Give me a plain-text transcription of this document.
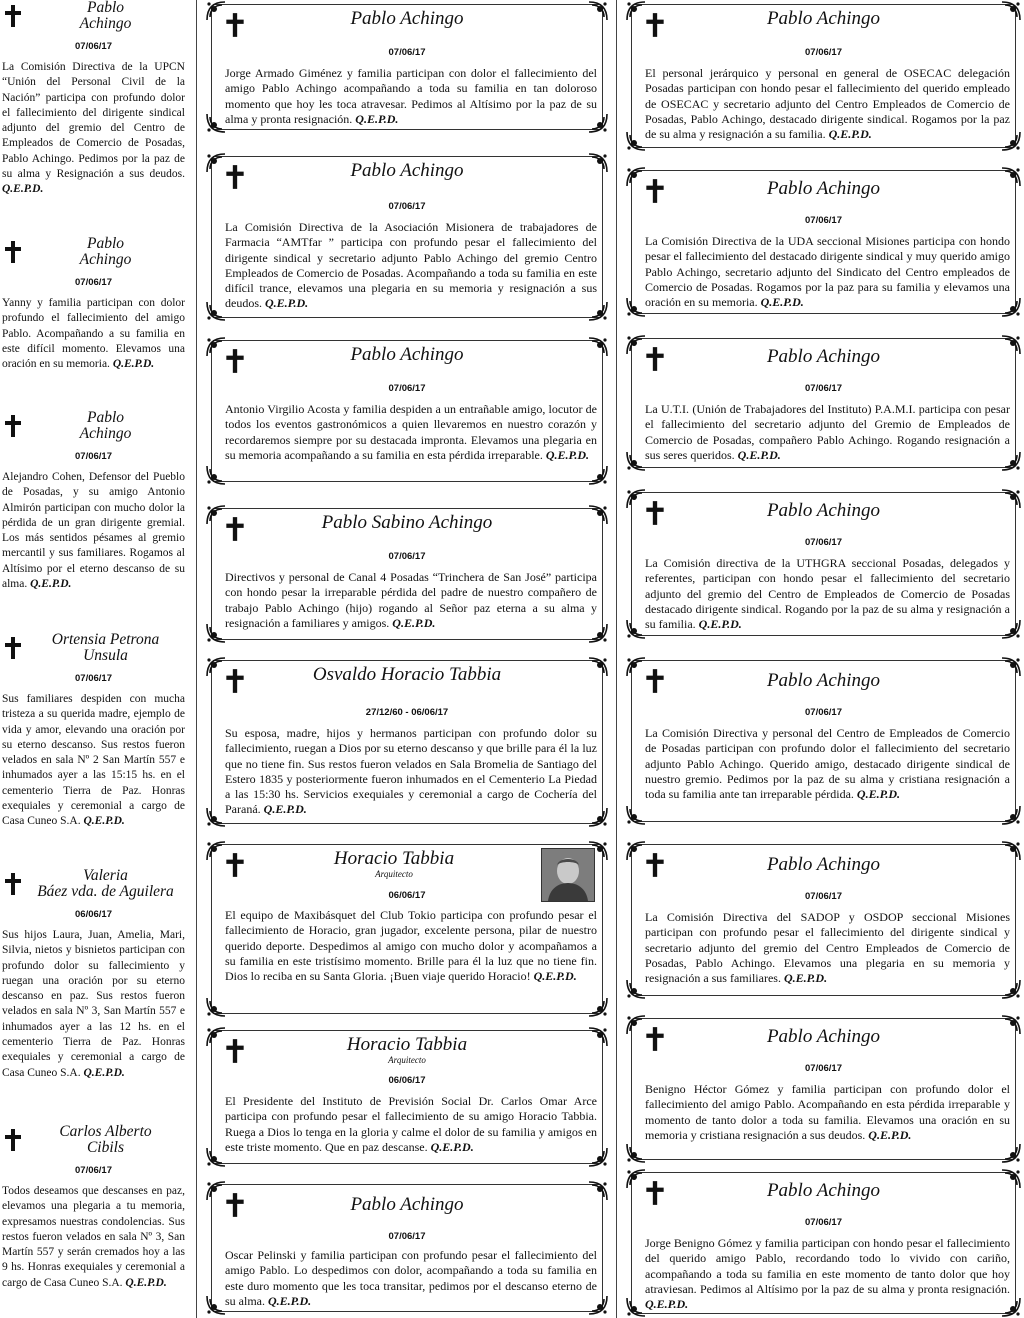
Pablo
Achingo
07/06/17
La Comisión Directiva de la UPCN “Unión del Personal Civil de la Nación” participa con profundo dolor el fallecimiento del dirigente sindical adjunto del gremio del Centro de Empleados de Comercio de Posadas, Pablo Achingo. Pedimos por la paz de su alma y Resignación a sus deudos. Q.E.P.D.
Pablo
Achingo
07/06/17
Yanny y familia participan con dolor profundo el fallecimiento del amigo Pablo. Acompañando a su familia en este difícil momento. Elevamos una oración en su memoria. Q.E.P.D.
Pablo
Achingo
07/06/17
Alejandro Cohen, Defensor del Pueblo de Posadas, y su amigo Antonio Almirón participan con mucho dolor la pérdida de un gran dirigente gremial. Los más sentidos pésames al gremio mercantil y sus familiares. Rogamos al Altísimo por el eterno descanso de su alma. Q.E.P.D.
Ortensia Petrona
Unsula
07/06/17
Sus familiares despiden con mucha tristeza a su querida madre, ejemplo de vida y amor, elevando una oración por su eterno descanso. Sus restos fueron velados en sala Nº 2 San Martín 557 e inhumados ayer a las 15:15 hs. en el cementerio Tierra de Paz. Honras exequiales y ceremonial a cargo de Casa Cuneo S.A. Q.E.P.D.
Valeria
Báez vda. de Aguilera
06/06/17
Sus hijos Laura, Juan, Amelia, Mari, Silvia, nietos y bisnietos participan con profundo dolor su fallecimiento y ruegan una oración por su eterno descanso en paz. Sus restos fueron velados en sala Nº 3, San Martín 557 e inhumados ayer a las 12 hs. en el cementerio Tierra de Paz. Honras exequiales y ceremonial a cargo de Casa Cuneo S.A. Q.E.P.D.
Carlos Alberto
Cibils
07/06/17
Todos deseamos que descanses en paz, elevamos una plegaria a tu memoria, expresamos nuestras condolencias. Sus restos fueron velados en sala Nº 3, San Martín 557 y serán cremados hoy a las 9 hs. Honras exequiales y ceremonial a cargo de Casa Cuneo S.A. Q.E.P.D.
Pablo Achingo
07/06/17
Jorge Armado Giménez y familia participan con dolor el fallecimiento del amigo Pablo Achingo acompañando a toda su familia en tan doloroso momento que hoy les toca atravesar. Pedimos al Altísimo por la paz de su alma y pronta resignación. Q.E.P.D.
Pablo Achingo
07/06/17
La Comisión Directiva de la Asociación Misionera de trabajadores de Farmacia “AMTfar ” participa con profundo pesar el fallecimiento del dirigente sindical y secretario adjunto Pablo Achingo del gremio Centro Empleados de Comercio de Posadas. Acompañando a toda su familia en este difícil trance, elevamos una plegaria en su memoria y resignación a sus deudos. Q.E.P.D.
Pablo Achingo
07/06/17
Antonio Virgilio Acosta y familia despiden a un entrañable amigo, locutor de todos los eventos gastronómicos a quien llevaremos en nuestro corazón y recordaremos siempre por su destacada impronta. Elevamos una plegaria en su memoria acompañando a su familia en esta pérdida irreparable. Q.E.P.D.
Pablo Sabino Achingo
07/06/17
Directivos y personal de Canal 4 Posadas “Trinchera de San José” participa con hondo pesar la irreparable pérdida del padre de nuestro compañero de trabajo Pablo Achingo (hijo) rogando al Señor paz eterna a su alma y resignación a familiares y amigos. Q.E.P.D.
Osvaldo Horacio Tabbia
27/12/60 - 06/06/17
Su esposa, madre, hijos y hermanos participan con profundo dolor su fallecimiento, ruegan a Dios por su eterno descanso y que brille para él la luz que no tiene fin. Sus restos fueron velados en Sala Bromelia de Santiago del Estero 1835 y posteriormente fueron inhumados en el Cementerio La Piedad a las 15:30 hs. Servicios exequiales y ceremonial a cargo de Cochería del Paraná. Q.E.P.D.
Horacio Tabbia
Arquitecto
06/06/17
El equipo de Maxibásquet del Club Tokio participa con profundo pesar el fallecimiento de Horacio, gran jugador, excelente persona, pilar de nuestro querido deporte. Despedimos al amigo con mucho dolor y acompañamos a su familia en este tristísimo momento. Brille para él la luz que no tiene fin. Dios lo reciba en su Santa Gloria. ¡Buen viaje querido Horacio! Q.E.P.D.
Horacio Tabbia
Arquitecto
06/06/17
El Presidente del Instituto de Previsión Social Dr. Carlos Omar Arce participa con profundo pesar el fallecimiento de su amigo Horacio Tabbia. Ruega a Dios lo tenga en la gloria y calme el dolor de su familia y amigos en este triste momento. Que en paz descanse. Q.E.P.D.
Pablo Achingo
07/06/17
Oscar Pelinski y familia participan con profundo pesar el fallecimiento del amigo Pablo. Lo despedimos con dolor, acompañando a toda su familia en este duro momento que les toca transitar, pedimos por el descanso eterno de su alma. Q.E.P.D.
Pablo Achingo
07/06/17
El personal jerárquico y personal en general de OSECAC delegación Posadas participan con hondo pesar el fallecimiento del querido empleado de OSECAC y secretario adjunto del Centro Empleados de Comercio de Posadas, Pablo Achingo, destacado dirigente sindical. Rogamos por la paz de su alma y resignación a su familia. Q.E.P.D.
Pablo Achingo
07/06/17
La Comisión Directiva de la UDA seccional Misiones participa con hondo pesar el fallecimiento del destacado dirigente sindical y muy querido amigo Pablo Achingo, secretario adjunto del Sindicato del Centro empleados de Comercio de Posadas. Rogamos por la paz para su familia y elevamos una oración en su memoria. Q.E.P.D.
Pablo Achingo
07/06/17
La U.T.I. (Unión de Trabajadores del Instituto) P.A.M.I. participa con pesar el fallecimiento del secretario adjunto del Gremio de Empleados de Comercio de Posadas, compañero Pablo Achingo. Rogando resignación a sus seres queridos. Q.E.P.D.
Pablo Achingo
07/06/17
La Comisión directiva de la UTHGRA seccional Posadas, delegados y referentes, participan con hondo pesar el fallecimiento del secretario adjunto del gremio del Centro de Empleados de Comercio de Posadas destacado dirigente sindical. Rogando por la paz de su alma y resignación a su familia. Q.E.P.D.
Pablo Achingo
07/06/17
La Comisión Directiva y personal del Centro de Empleados de Comercio de Posadas participan con profundo dolor el fallecimiento del secretario adjunto Pablo Achingo. Querido amigo, destacado dirigente sindical de nuestro gremio. Pedimos por la paz de su alma y cristiana resignación a toda su familia ante tan irreparable pérdida. Q.E.P.D.
Pablo Achingo
07/06/17
La Comisión Directiva del SADOP y OSDOP seccional Misiones participan con profundo pesar el fallecimiento del dirigente sindical y secretario adjunto del gremio del Centro Empleados de Comercio de Posadas, Pablo Achingo. Elevamos una plegaria en su memoria y resignación a sus familiares. Q.E.P.D.
Pablo Achingo
07/06/17
Benigno Héctor Gómez y familia participan con profundo dolor el fallecimiento del amigo Pablo. Acompañando en esta pérdida irreparable y momento de tanto dolor a toda su familia. Elevamos una oración en su memoria y cristiana resignación a sus deudos. Q.E.P.D.
Pablo Achingo
07/06/17
Jorge Benigno Gómez y familia participan con hondo pesar el fallecimiento del querido amigo Pablo, recordando todo lo vivido con cariño, acompañando a toda su familia en este momento de tanto dolor que hoy atraviesan. Pedimos al Altísimo por la paz de su alma y pronta resignación. Q.E.P.D.
